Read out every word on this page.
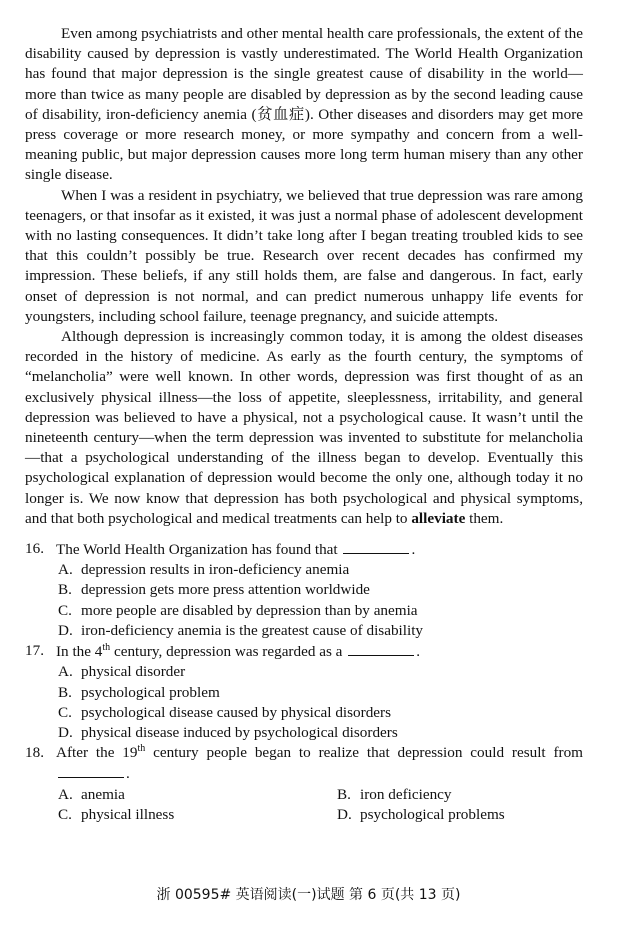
Even among psychiatrists and other mental health care professionals, the extent of the disability caused by depression is vastly underestimated. The World Health Organization has found that major depression is the single greatest cause of disability in the world—more than twice as many people are disabled by depression as by the second leading cause of disability, iron-deficiency anemia (贫血症). Other diseases and disorders may get more press coverage or more research money, or more sympathy and concern from a well-meaning public, but major depression causes more long term human misery than any other single disease.

When I was a resident in psychiatry, we believed that true depression was rare among teenagers, or that insofar as it existed, it was just a normal phase of adolescent development with no lasting consequences. It didn’t take long after I began treating troubled kids to see that this couldn’t possibly be true. Research over recent decades has confirmed my impression. These beliefs, if any still holds them, are false and dangerous. In fact, early onset of depression is not normal, and can predict numerous unhappy life events for youngsters, including school failure, teenage pregnancy, and suicide attempts.

Although depression is increasingly common today, it is among the oldest diseases recorded in the history of medicine. As early as the fourth century, the symptoms of “melancholia” were well known. In other words, depression was first thought of as an exclusively physical illness—the loss of appetite, sleeplessness, irritability, and general depression was believed to have a physical, not a psychological cause. It wasn’t until the nineteenth century—when the term depression was invented to substitute for melancholia—that a psychological understanding of the illness began to develop. Eventually this psychological explanation of depression would become the only one, although today it no longer is. We now know that depression has both psychological and physical symptoms, and that both psychological and medical treatments can help to alleviate them.

16. The World Health Organization has found that	.
A. depression results in iron-deficiency anemia
B. depression gets more press attention worldwide
C. more people are disabled by depression than by anemia
D. iron-deficiency anemia is the greatest cause of disability
17. In the 4th century, depression was regarded as a	.
A. physical disorder
B. psychological problem
C. psychological disease caused by physical disorders
D. physical disease induced by psychological disorders
18. After the 19th century people began to realize that depression could result from .
A. anemia	B. iron deficiency
C. physical illness	D. psychological problems
浙 00595# 英语阅读(一)试题 第 6 页(共 13 页)
